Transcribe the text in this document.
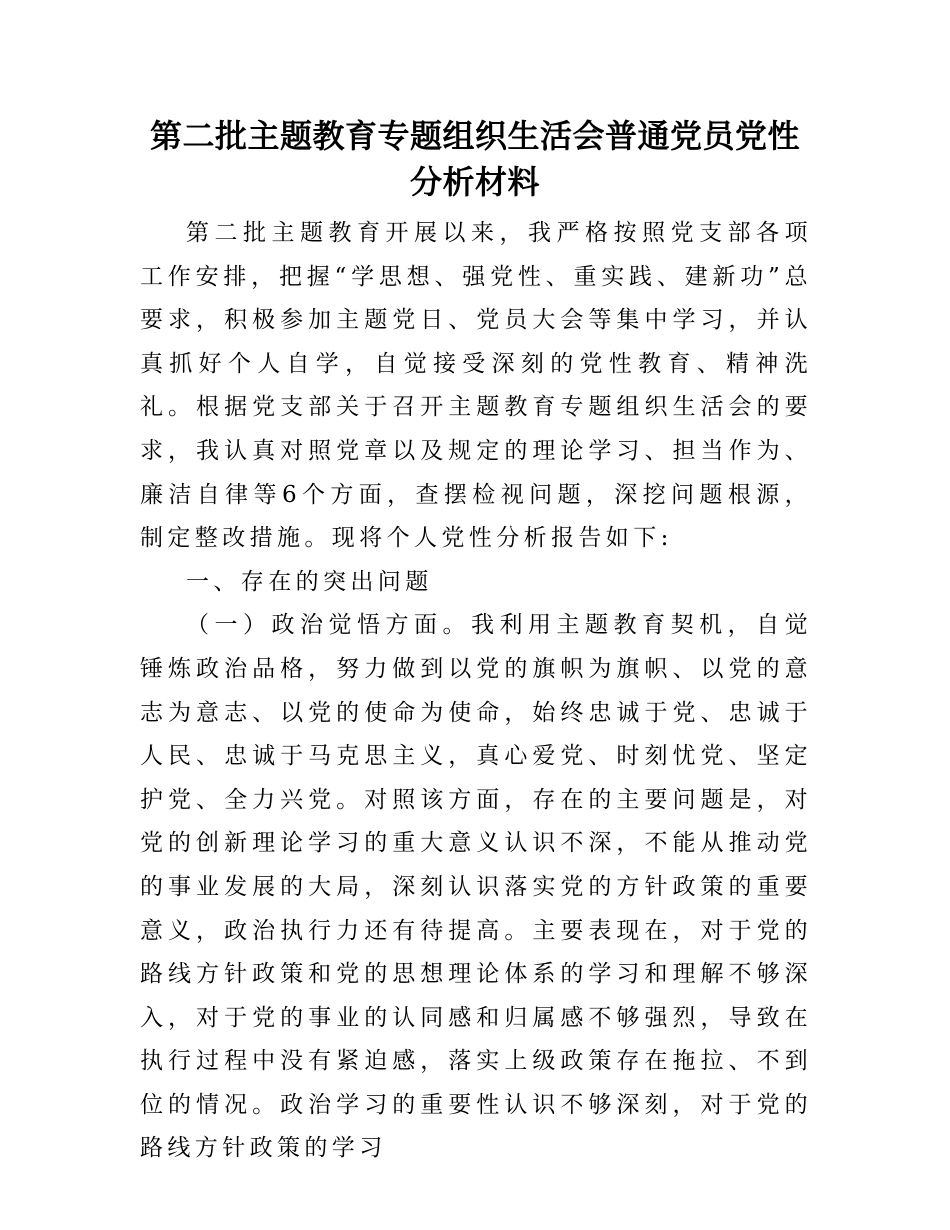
第二批主题教育专题组织生活会普通党员党性
分析材料

第二批主题教育开展以来，我严格按照党支部各项工作安排，把握“学思想、强党性、重实践、建新功”总要求，积极参加主题党日、党员大会等集中学习，并认真抓好个人自学，自觉接受深刻的党性教育、精神洗礼。根据党支部关于召开主题教育专题组织生活会的要求，我认真对照党章以及规定的理论学习、担当作为、廉洁自律等6个方面，查摆检视问题，深挖问题根源，制定整改措施。现将个人党性分析报告如下:

一、存在的突出问题

（一）政治觉悟方面。我利用主题教育契机，自觉锤炼政治品格，努力做到以党的旗帜为旗帜、以党的意志为意志、以党的使命为使命，始终忠诚于党、忠诚于人民、忠诚于马克思主义，真心爱党、时刻忧党、坚定护党、全力兴党。对照该方面，存在的主要问题是，对党的创新理论学习的重大意义认识不深，不能从推动党的事业发展的大局，深刻认识落实党的方针政策的重要意义，政治执行力还有待提高。主要表现在，对于党的路线方针政策和党的思想理论体系的学习和理解不够深入，对于党的事业的认同感和归属感不够强烈，导致在执行过程中没有紧迫感，落实上级政策存在拖拉、不到位的情况。政治学习的重要性认识不够深刻，对于党的路线方针政策的学习
